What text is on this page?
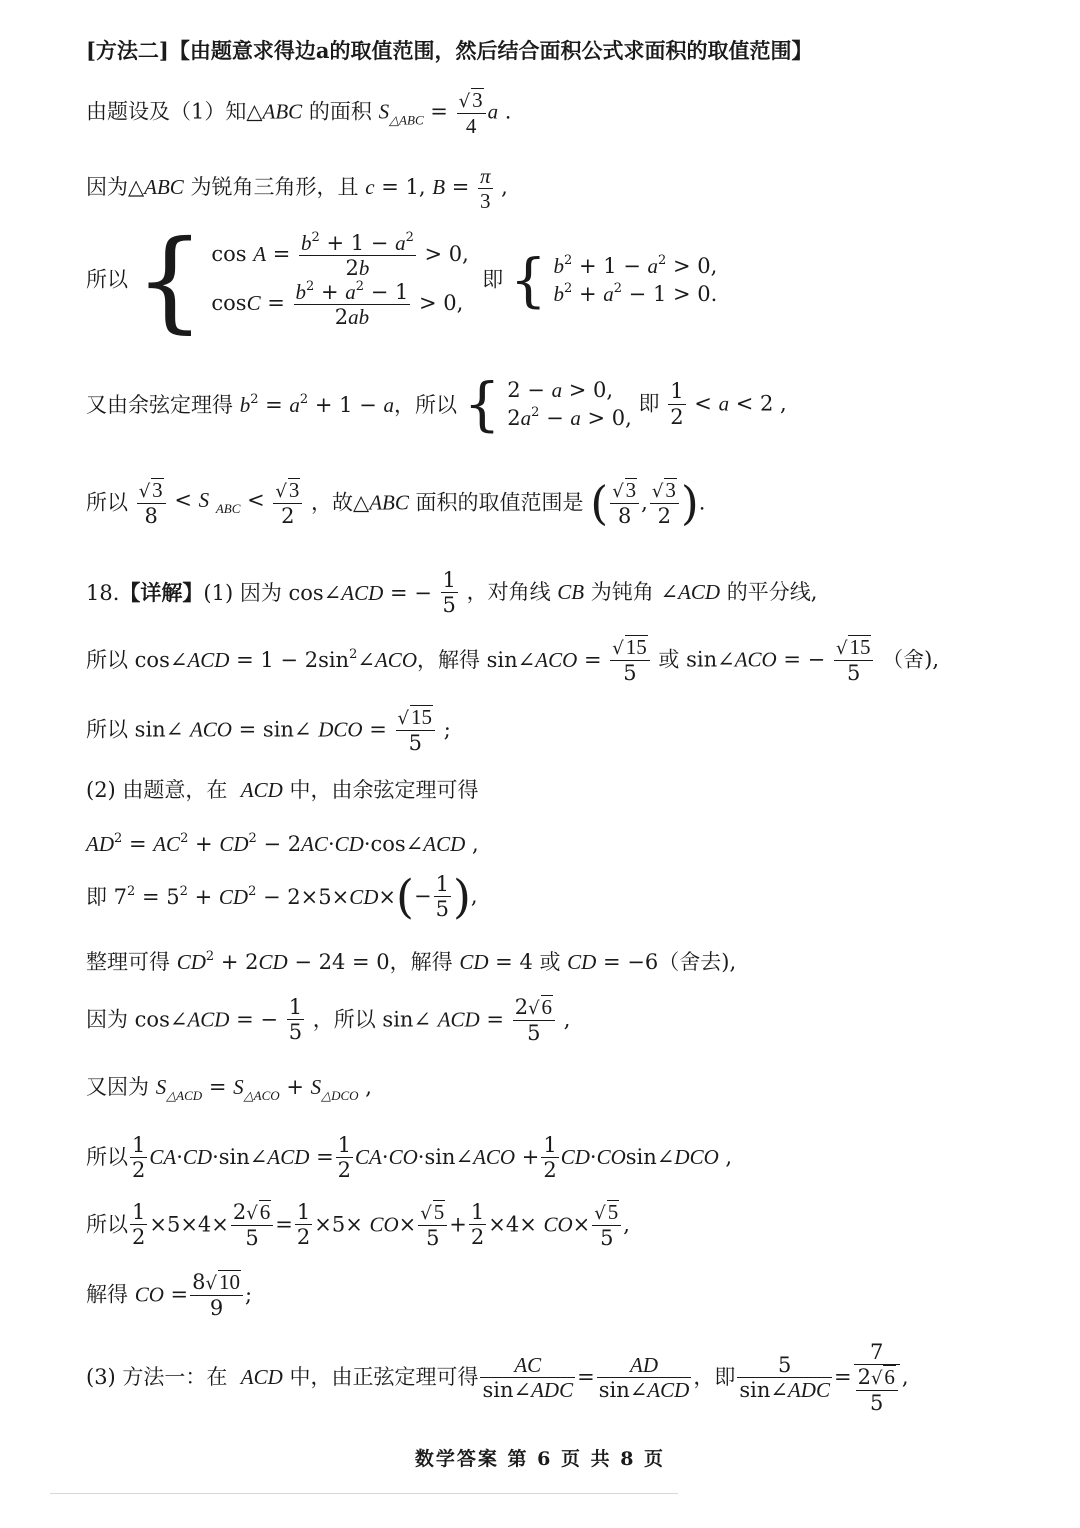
[方法二]【由题意求得边a的取值范围，然后结合面积公式求面积的取值范围】
由题设及（1）知△ABC 的面积 $S_{\triangle ABC} = \frac{√3}{4}$ a .
因为△ABC 为锐角三角形，且 c = 1, $B = \frac{\pi}{3}$ ,
所以 { $\cos A = \frac{b^2 + 1 - a^2}{2b} > 0$,
$\cos C = \frac{b^2 + a^2 - 1}{2ab} > 0$,
即 { $b^2 + 1 - a^2 > 0$,
$b^2 + a^2 - 1 > 0$.
又由余弦定理得 $b^2 = a^2 + 1 - a$，所以 { 2 − a > 0,
$2a^2 - a > 0$,
即 $\frac{1}{2} < a < 2$ ,
所以 $\frac{√3}{8} < S$ $_{ABC} < \frac{√3}{2}$ ，故△ABC 面积的取值范围是 ( $\frac{√3}{8}$ , $\frac{√3}{2}$ ).
18.【详解】(1) 因为 cos∠ACD = − $\frac{1}{5}$ ，对角线 CB 为钝角 ∠ACD 的平分线,
所以 cos∠ACD = $1 - 2\sin^2\angle ACO$，解得 sin∠ACO = $\frac{√15}{5}$ 或 sin∠ACO = − $\frac{√15}{5}$ （舍),
所以 sin∠ ACO = sin∠ DCO = $\frac{√15}{5}$ ;
(2) 由题意，在  ACD 中，由余弦定理可得
$AD^2 = AC^2 + CD^2$ − 2AC·CD·cos∠ACD ,
即 $7^2 = 5^2 + CD^2 - 2\times 5\times CD\times(- \frac{1}{5}$ ),
整理可得 $CD^2 + 2CD - 24 = 0$，解得 CD = 4 或 CD = −6（舍去),
因为 cos∠ACD = − $\frac{1}{5}$ ，所以 sin∠ ACD = $\frac{2√6}{5}$ ,
又因为 $S_{\triangle ACD} = S_{\triangle ACO} + S_{\triangle DCO}$ ,
所以 $\frac{1}{2}$ CA·CD·sin∠ACD = $\frac{1}{2}$ CA·CO·sin∠ACO + $\frac{1}{2}$ CD·COsin∠DCO ,
所以 $\frac{1}{2} \times 5\times 4\times \frac{2√6}{5} = \frac{1}{2} \times 5\times CO\times \frac{√5}{5} + \frac{1}{2} \times 4\times CO\times \frac{√5}{5}$ ,
解得 CO = $\frac{8√10}{9}$ ;
(3) 方法一：在  ACD 中，由正弦定理可得 $\frac{AC}{\text{sin∠ADC}} = \frac{AD}{\text{sin∠ACD}}$ ，即 $\frac{5}{\text{sin∠ADC}} = \frac{7}{\frac{2√6}{5}}$ ,
数学答案 第 6 页 共 8 页
